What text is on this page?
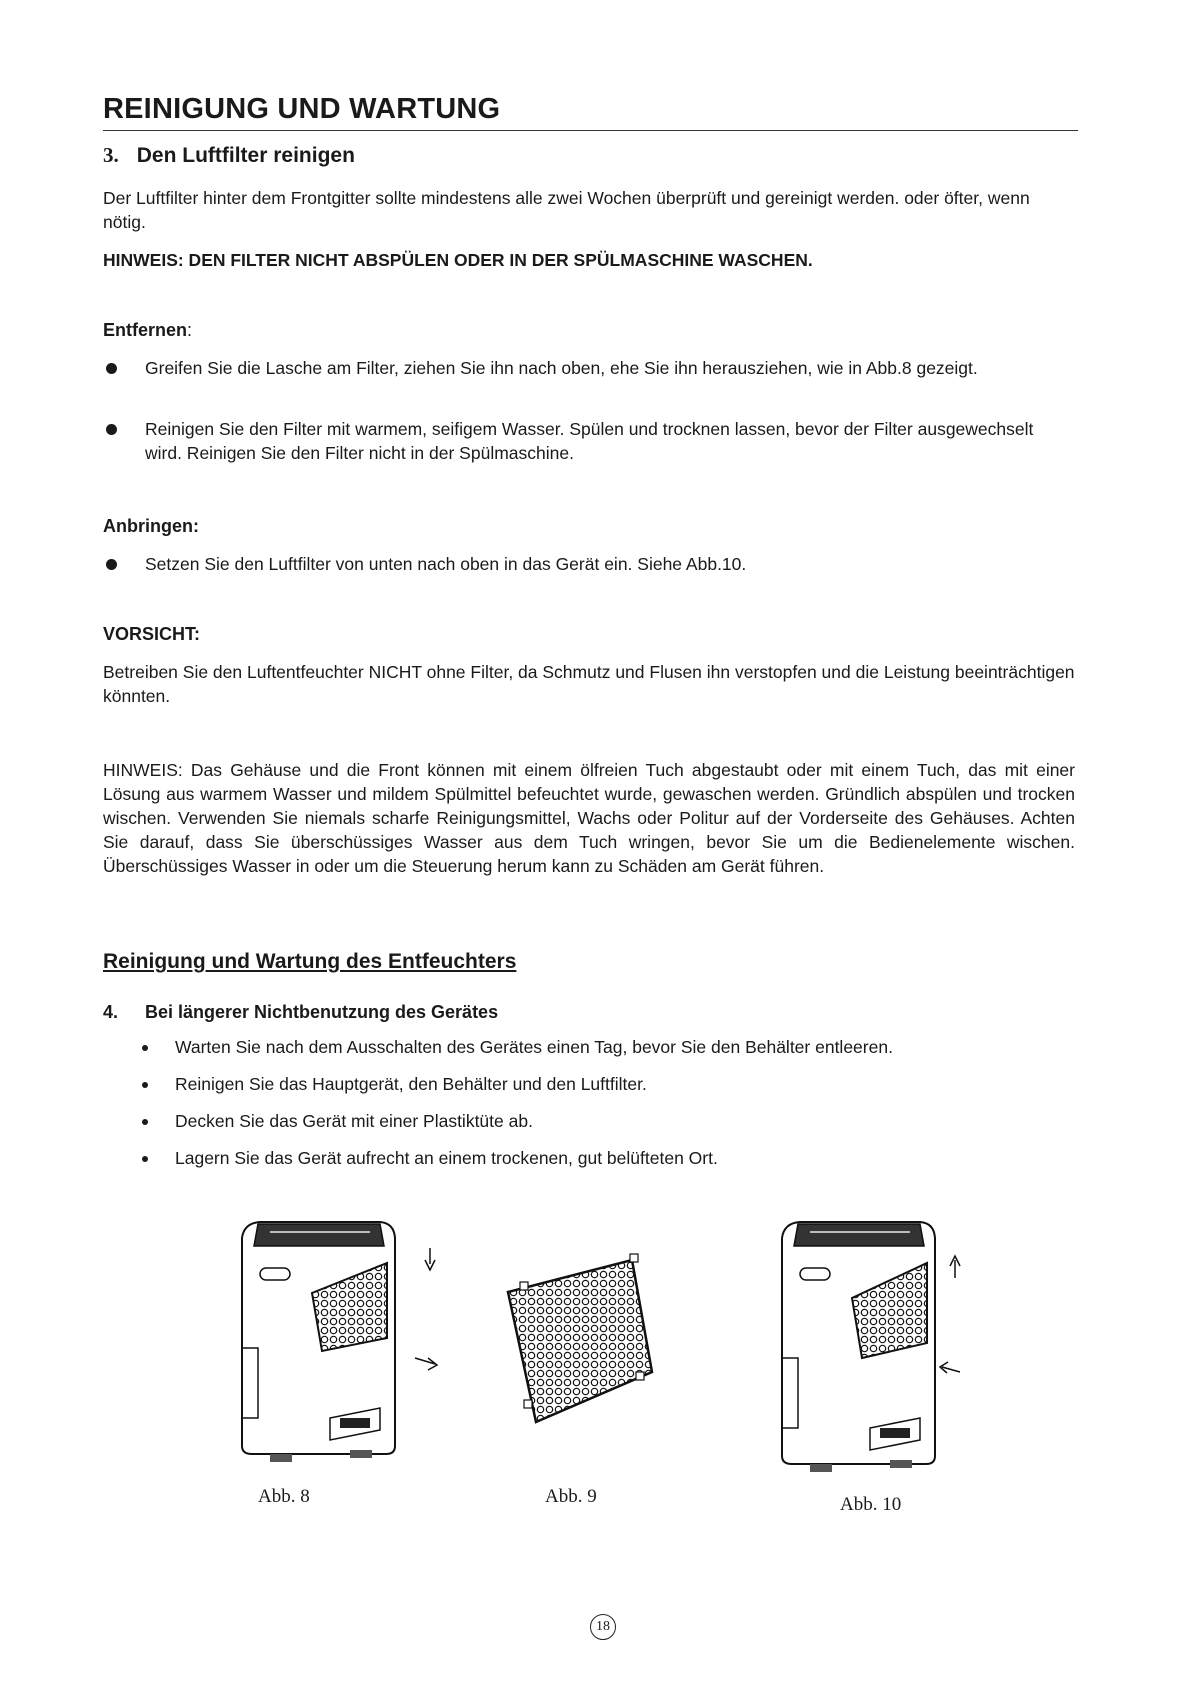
REINIGUNG UND WARTUNG
3. Den Luftfilter reinigen
Der Luftfilter hinter dem Frontgitter sollte mindestens alle zwei Wochen überprüft und gereinigt werden. oder öfter, wenn nötig.
HINWEIS: DEN FILTER NICHT ABSPÜLEN ODER IN DER SPÜLMASCHINE WASCHEN.
Entfernen:
Greifen Sie die Lasche am Filter, ziehen Sie ihn nach oben, ehe Sie ihn herausziehen, wie in Abb.8 gezeigt.
Reinigen Sie den Filter mit warmem, seifigem Wasser. Spülen und trocknen lassen, bevor der Filter ausgewechselt wird. Reinigen Sie den Filter nicht in der Spülmaschine.
Anbringen:
Setzen Sie den Luftfilter von unten nach oben in das Gerät ein. Siehe Abb.10.
VORSICHT:
Betreiben Sie den Luftentfeuchter NICHT ohne Filter, da Schmutz und Flusen ihn verstopfen und die Leistung beeinträchtigen könnten.
HINWEIS: Das Gehäuse und die Front können mit einem ölfreien Tuch abgestaubt oder mit einem Tuch, das mit einer Lösung aus warmem Wasser und mildem Spülmittel befeuchtet wurde, gewaschen werden. Gründlich abspülen und trocken wischen. Verwenden Sie niemals scharfe Reinigungsmittel, Wachs oder Politur auf der Vorderseite des Gehäuses. Achten Sie darauf, dass Sie überschüssiges Wasser aus dem Tuch wringen, bevor Sie um die Bedienelemente wischen. Überschüssiges Wasser in oder um die Steuerung herum kann zu Schäden am Gerät führen.
Reinigung und Wartung des Entfeuchters
4. Bei längerer Nichtbenutzung des Gerätes
Warten Sie nach dem Ausschalten des Gerätes einen Tag, bevor Sie den Behälter entleeren.
Reinigen Sie das Hauptgerät, den Behälter und den Luftfilter.
Decken Sie das Gerät mit einer Plastiktüte ab.
Lagern Sie das Gerät aufrecht an einem trockenen, gut belüfteten Ort.
Abb. 8	Abb. 9	Abb. 10
18
